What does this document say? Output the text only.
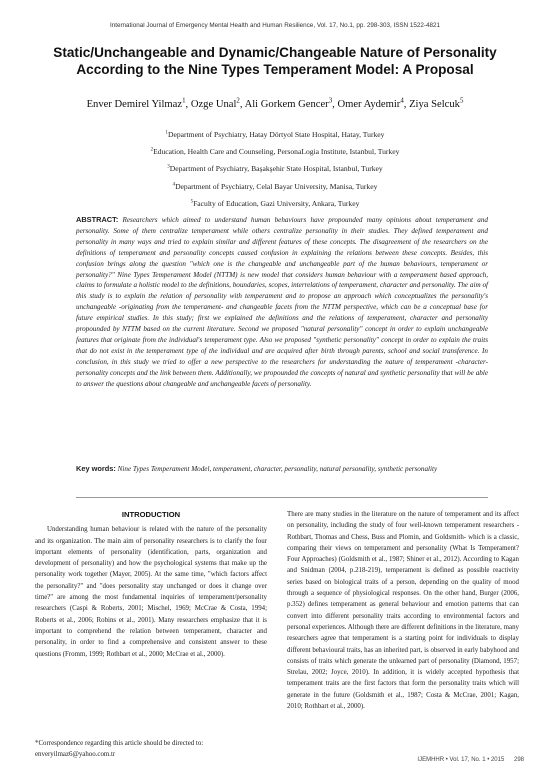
International Journal of Emergency Mental Health and Human Resilience, Vol. 17, No.1, pp. 298-303, ISSN 1522-4821
Static/Unchangeable and Dynamic/Changeable Nature of Personality According to the Nine Types Temperament Model: A Proposal
Enver Demirel Yilmaz$^1$, Ozge Unal$^2$, Ali Gorkem Gencer$^3$, Omer Aydemir$^4$, Ziya Selcuk$^5$
$^1$Department of Psychiatry, Hatay Dörtyol State Hospital, Hatay, Turkey
$^2$Education, Health Care and Counseling, PersonaLogia Institute, Istanbul, Turkey
$^3$Department of Psychiatry, Başakşehir State Hospital, Istanbul, Turkey
$^4$Department of Psychiatry, Celal Bayar University, Manisa, Turkey
$^5$Faculty of Education, Gazi University, Ankara, Turkey
ABSTRACT: Researchers which aimed to understand human behaviours have propounded many opinions about temperament and personality. Some of them centralize temperament while others centralize personality in their studies. They defined temperament and personality in many ways and tried to explain similar and different features of these concepts. The disagreement of the researchers on the definitions of temperament and personality concepts caused confusion in explaining the relations between these concepts. Besides, this confusion brings along the question "which one is the changeable and unchangeable part of the human behaviours, temperament or personality?" Nine Types Temperament Model (NTTM) is new model that considers human behaviour with a temperament based approach, claims to formulate a holistic model to the definitions, boundaries, scopes, interrelations of temperament, character and personality. The aim of this study is to explain the relation of personality with temperament and to propose an approach which conceptualizes the personality's unchangeable -originating from the temperament- and changeable facets from the NTTM perspective, which can be a conceptual base for future empirical studies. In this study; first we explained the definitions and the relations of temperament, character and personality propounded by NTTM based on the current literature. Second we proposed "natural personality" concept in order to explain unchangeable features that originate from the individual's temperament type. Also we proposed "synthetic personality" concept in order to explain the traits that do not exist in the temperament type of the individual and are acquired after birth through parents, school and social transference. In conclusion, in this study we tried to offer a new perspective to the researchers for understanding the nature of temperament -character- personality concepts and the link between them. Additionally, we propounded the concepts of natural and synthetic personality that will be able to answer the questions about changeable and unchangeable facets of personality.
Key words: Nine Types Temperament Model, temperament, character, personality, natural personality, synthetic personality
INTRODUCTION

Understanding human behaviour is related with the nature of the personality and its organization. The main aim of personality researchers is to clarify the four important elements of personality (identification, parts, organization and development of personality) and how the psychological systems that make up the personality work together (Mayer, 2005). At the same time, "which factors affect the personality?" and "does personality stay unchanged or does it change over time?" are among the most fundamental inquiries of temperament/personality researchers (Caspi & Roberts, 2001; Mischel, 1969; McCrae & Costa, 1994; Roberts et al., 2006; Robins et al., 2001). Many researchers emphasize that it is important to comprehend the relation between temperament, character and personality, in order to find a comprehensive and consistent answer to these questions (Fromm, 1999; Rothbart et al., 2000; McCrae et al., 2000).

There are many studies in the literature on the nature of temperament and its affect on personality, including the study of four well-known temperament researchers - Rothbart, Thomas and Chess, Buss and Plomin, and Goldsmith- which is a classic, comparing their views on temperament and personality (What Is Temperament? Four Approaches) (Goldsmith et al., 1987; Shiner et al., 2012). According to Kagan and Snidman (2004, p.218-219), temperament is defined as possible reactivity series based on biological traits of a person, depending on the quality of mood through a sequence of physiological responses. On the other hand, Burger (2006, p.352) defines temperament as general behaviour and emotion patterns that can convert into different personality traits according to environmental factors and personal experiences. Although there are different definitions in the literature, many researchers agree that temperament is a starting point for individuals to display different behavioural traits, has an inherited part, is observed in early babyhood and consists of traits which generate the unlearned part of personality (Diamond, 1957; Strelau, 2002; Joyce, 2010). In addition, it is widely accepted hypothesis that temperament traits are the first factors that form the personality traits which will generate in the future (Goldsmith et al., 1987; Costa & McCrae, 2001; Kagan, 2010; Rothbart et al., 2000).

*Correspondence regarding this article should be directed to:
enveryilmaz6@yahoo.com.tr
IJEMHHR • Vol. 17, No. 1 • 2015 298
